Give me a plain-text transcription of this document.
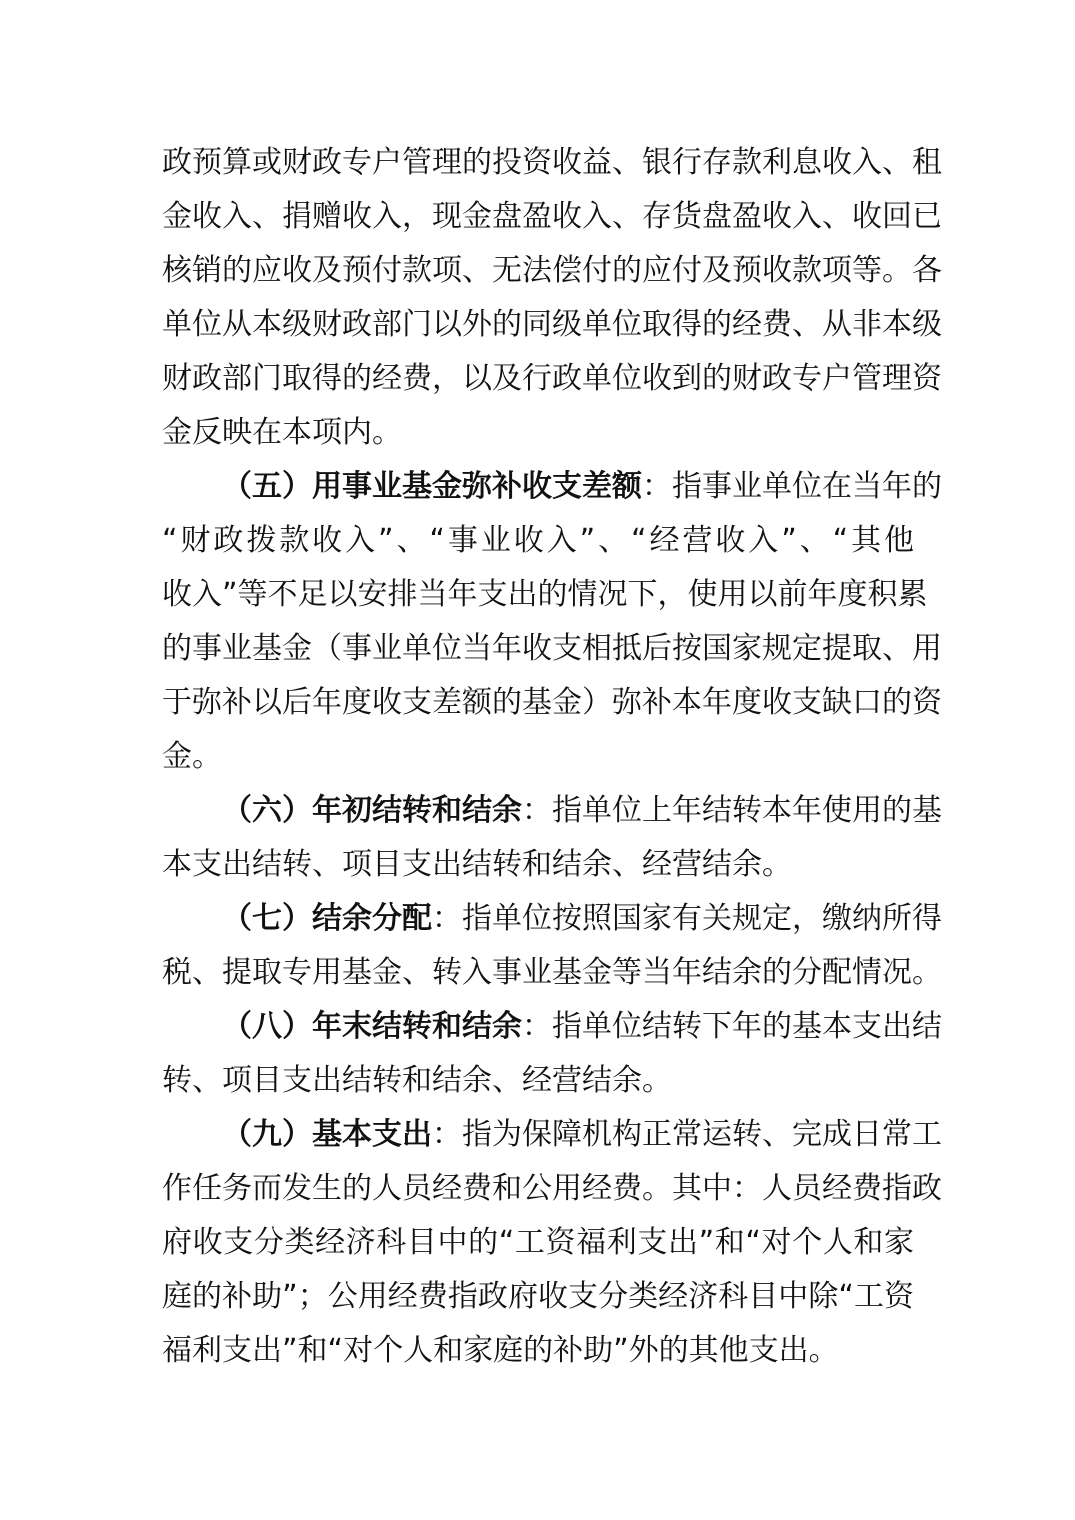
政预算或财政专户管理的投资收益、银行存款利息收入、租
金收入、捐赠收入，现金盘盈收入、存货盘盈收入、收回已
核销的应收及预付款项、无法偿付的应付及预收款项等。各
单位从本级财政部门以外的同级单位取得的经费、从非本级
财政部门取得的经费，以及行政单位收到的财政专户管理资
金反映在本项内。
（五）用事业基金弥补收支差额：指事业单位在当年的
“财政拨款收入”、“事业收入”、“经营收入”、“其他
收入”等不足以安排当年支出的情况下，使用以前年度积累
的事业基金（事业单位当年收支相抵后按国家规定提取、用
于弥补以后年度收支差额的基金）弥补本年度收支缺口的资
金。
（六）年初结转和结余：指单位上年结转本年使用的基
本支出结转、项目支出结转和结余、经营结余。
（七）结余分配：指单位按照国家有关规定，缴纳所得
税、提取专用基金、转入事业基金等当年结余的分配情况。
（八）年末结转和结余：指单位结转下年的基本支出结
转、项目支出结转和结余、经营结余。
（九）基本支出：指为保障机构正常运转、完成日常工
作任务而发生的人员经费和公用经费。其中：人员经费指政
府收支分类经济科目中的“工资福利支出”和“对个人和家
庭的补助”；公用经费指政府收支分类经济科目中除“工资
福利支出”和“对个人和家庭的补助”外的其他支出。
